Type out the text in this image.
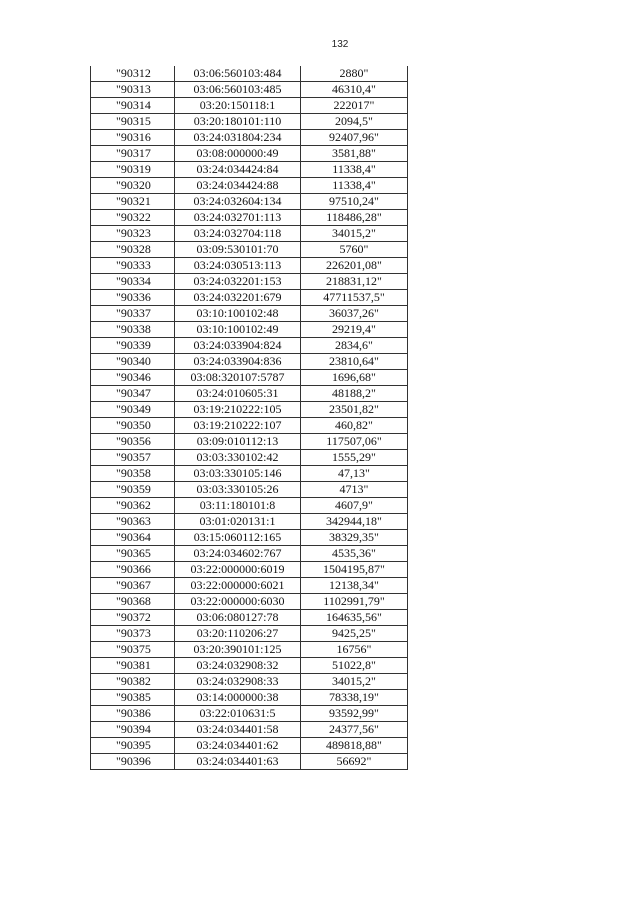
132
"90312	03:06:560103:484	2880"
"90313	03:06:560103:485	46310,4"
"90314	03:20:150118:1	222017"
"90315	03:20:180101:110	2094,5"
"90316	03:24:031804:234	92407,96"
"90317	03:08:000000:49	3581,88"
"90319	03:24:034424:84	11338,4"
"90320	03:24:034424:88	11338,4"
"90321	03:24:032604:134	97510,24"
"90322	03:24:032701:113	118486,28"
"90323	03:24:032704:118	34015,2"
"90328	03:09:530101:70	5760"
"90333	03:24:030513:113	226201,08"
"90334	03:24:032201:153	218831,12"
"90336	03:24:032201:679	47711537,5"
"90337	03:10:100102:48	36037,26"
"90338	03:10:100102:49	29219,4"
"90339	03:24:033904:824	2834,6"
"90340	03:24:033904:836	23810,64"
"90346	03:08:320107:5787	1696,68"
"90347	03:24:010605:31	48188,2"
"90349	03:19:210222:105	23501,82"
"90350	03:19:210222:107	460,82"
"90356	03:09:010112:13	117507,06"
"90357	03:03:330102:42	1555,29"
"90358	03:03:330105:146	47,13"
"90359	03:03:330105:26	4713"
"90362	03:11:180101:8	4607,9"
"90363	03:01:020131:1	342944,18"
"90364	03:15:060112:165	38329,35"
"90365	03:24:034602:767	4535,36"
"90366	03:22:000000:6019	1504195,87"
"90367	03:22:000000:6021	12138,34"
"90368	03:22:000000:6030	1102991,79"
"90372	03:06:080127:78	164635,56"
"90373	03:20:110206:27	9425,25"
"90375	03:20:390101:125	16756"
"90381	03:24:032908:32	51022,8"
"90382	03:24:032908:33	34015,2"
"90385	03:14:000000:38	78338,19"
"90386	03:22:010631:5	93592,99"
"90394	03:24:034401:58	24377,56"
"90395	03:24:034401:62	489818,88"
"90396	03:24:034401:63	56692"
